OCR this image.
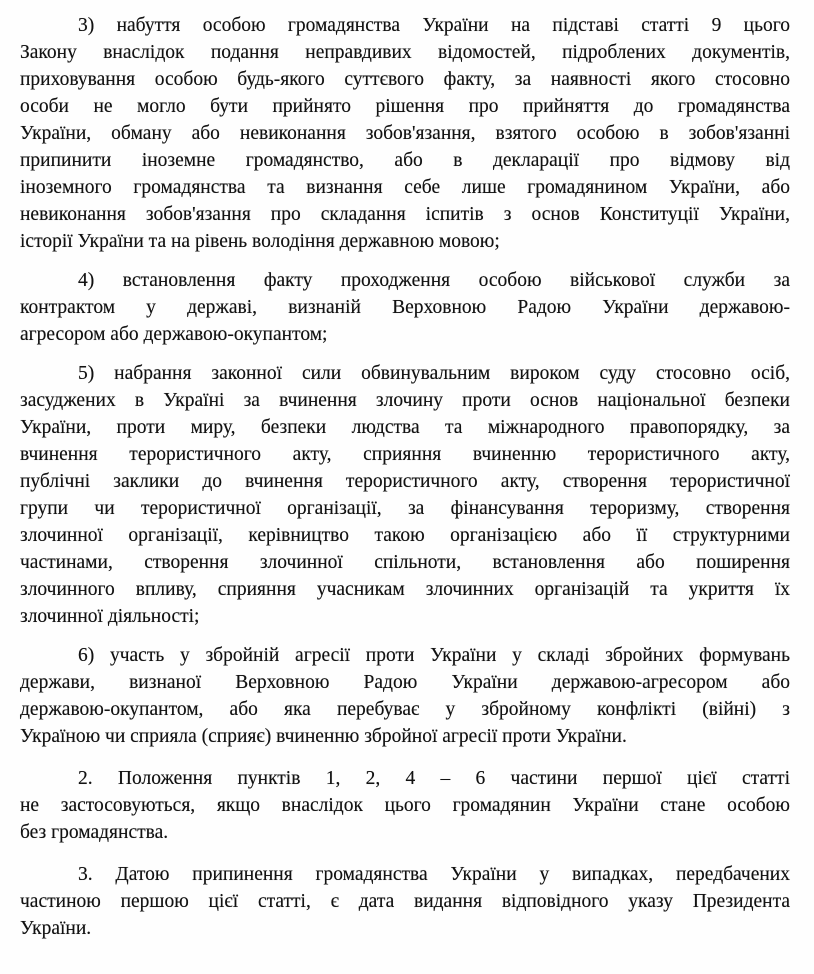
3) набуття особою громадянства України на підставі статті 9 цього
Закону внаслідок подання неправдивих відомостей, підроблених документів,
приховування особою будь-якого суттєвого факту, за наявності якого стосовно
особи не могло бути прийнято рішення про прийняття до громадянства
України, обману або невиконання зобов'язання, взятого особою в зобов'язанні
припинити іноземне громадянство, або в декларації про відмову від
іноземного громадянства та визнання себе лише громадянином України, або
невиконання зобов'язання про складання іспитів з основ Конституції України,
історії України та на рівень володіння державною мовою;
4) встановлення факту проходження особою військової служби за
контрактом у державі, визнаній Верховною Радою України державою-
агресором або державою-окупантом;
5) набрання законної сили обвинувальним вироком суду стосовно осіб,
засуджених в Україні за вчинення злочину проти основ національної безпеки
України, проти миру, безпеки людства та міжнародного правопорядку, за
вчинення терористичного акту, сприяння вчиненню терористичного акту,
публічні заклики до вчинення терористичного акту, створення терористичної
групи чи терористичної організації, за фінансування тероризму, створення
злочинної організації, керівництво такою організацією або її структурними
частинами, створення злочинної спільноти, встановлення або поширення
злочинного впливу, сприяння учасникам злочинних організацій та укриття їх
злочинної діяльності;
6) участь у збройній агресії проти України у складі збройних формувань
держави, визнаної Верховною Радою України державою-агресором або
державою-окупантом, або яка перебуває у збройному конфлікті (війні) з
Україною чи сприяла (сприяє) вчиненню збройної агресії проти України.
2. Положення пунктів 1, 2, 4 – 6 частини першої цієї статті
не застосовуються, якщо внаслідок цього громадянин України стане особою
без громадянства.
3. Датою припинення громадянства України у випадках, передбачених
частиною першою цієї статті, є дата видання відповідного указу Президента
України.
